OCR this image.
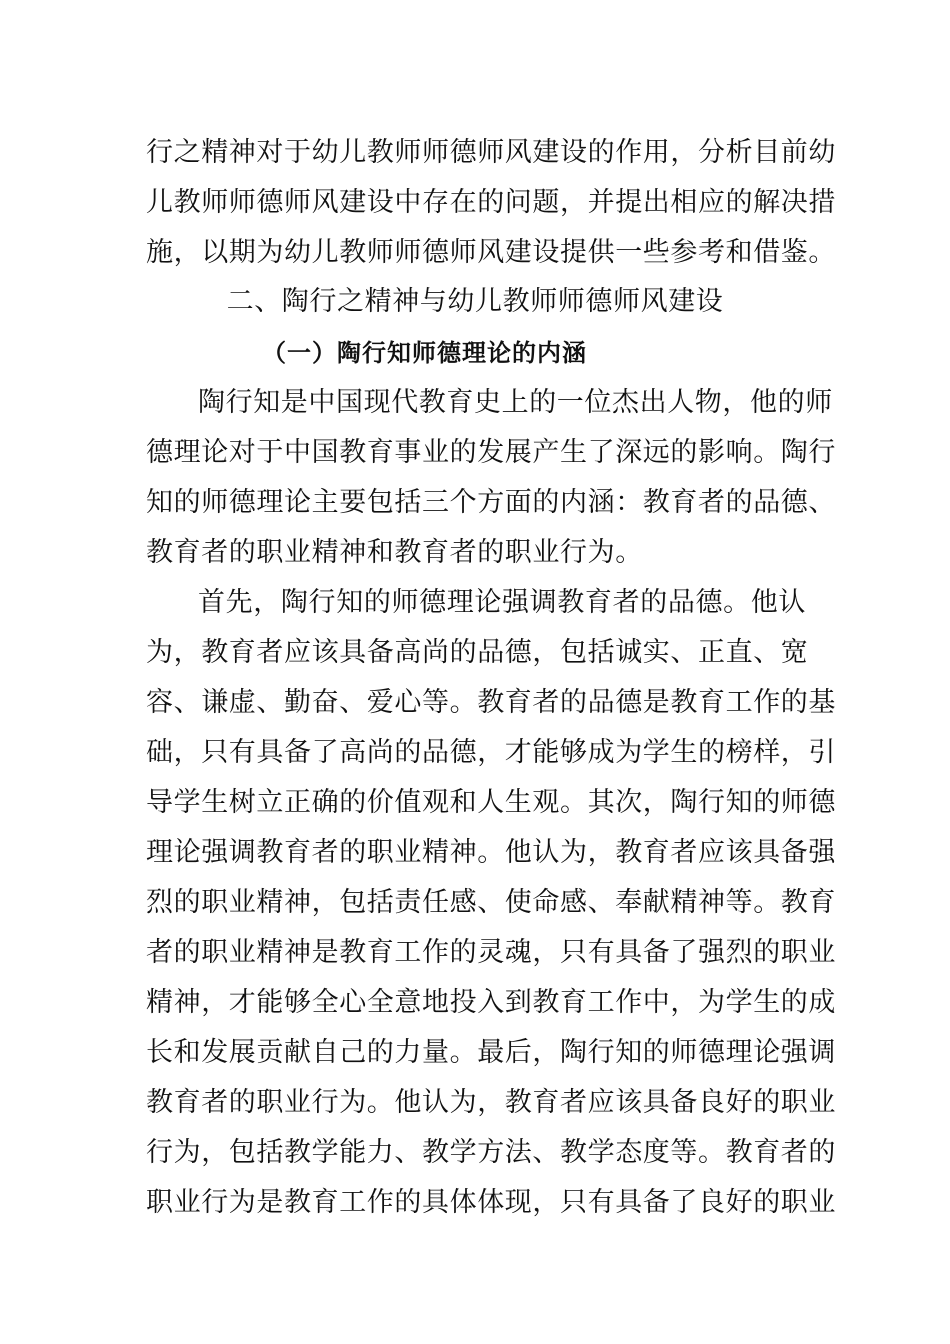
行之精神对于幼儿教师师德师风建设的作用，分析目前幼
儿教师师德师风建设中存在的问题，并提出相应的解决措
施，以期为幼儿教师师德师风建设提供一些参考和借鉴。
二、陶行之精神与幼儿教师师德师风建设
（一）陶行知师德理论的内涵
陶行知是中国现代教育史上的一位杰出人物，他的师
德理论对于中国教育事业的发展产生了深远的影响。陶行
知的师德理论主要包括三个方面的内涵：教育者的品德、
教育者的职业精神和教育者的职业行为。
首先，陶行知的师德理论强调教育者的品德。他认
为，教育者应该具备高尚的品德，包括诚实、正直、宽
容、谦虚、勤奋、爱心等。教育者的品德是教育工作的基
础，只有具备了高尚的品德，才能够成为学生的榜样，引
导学生树立正确的价值观和人生观。其次，陶行知的师德
理论强调教育者的职业精神。他认为，教育者应该具备强
烈的职业精神，包括责任感、使命感、奉献精神等。教育
者的职业精神是教育工作的灵魂，只有具备了强烈的职业
精神，才能够全心全意地投入到教育工作中，为学生的成
长和发展贡献自己的力量。最后，陶行知的师德理论强调
教育者的职业行为。他认为，教育者应该具备良好的职业
行为，包括教学能力、教学方法、教学态度等。教育者的
职业行为是教育工作的具体体现，只有具备了良好的职业
